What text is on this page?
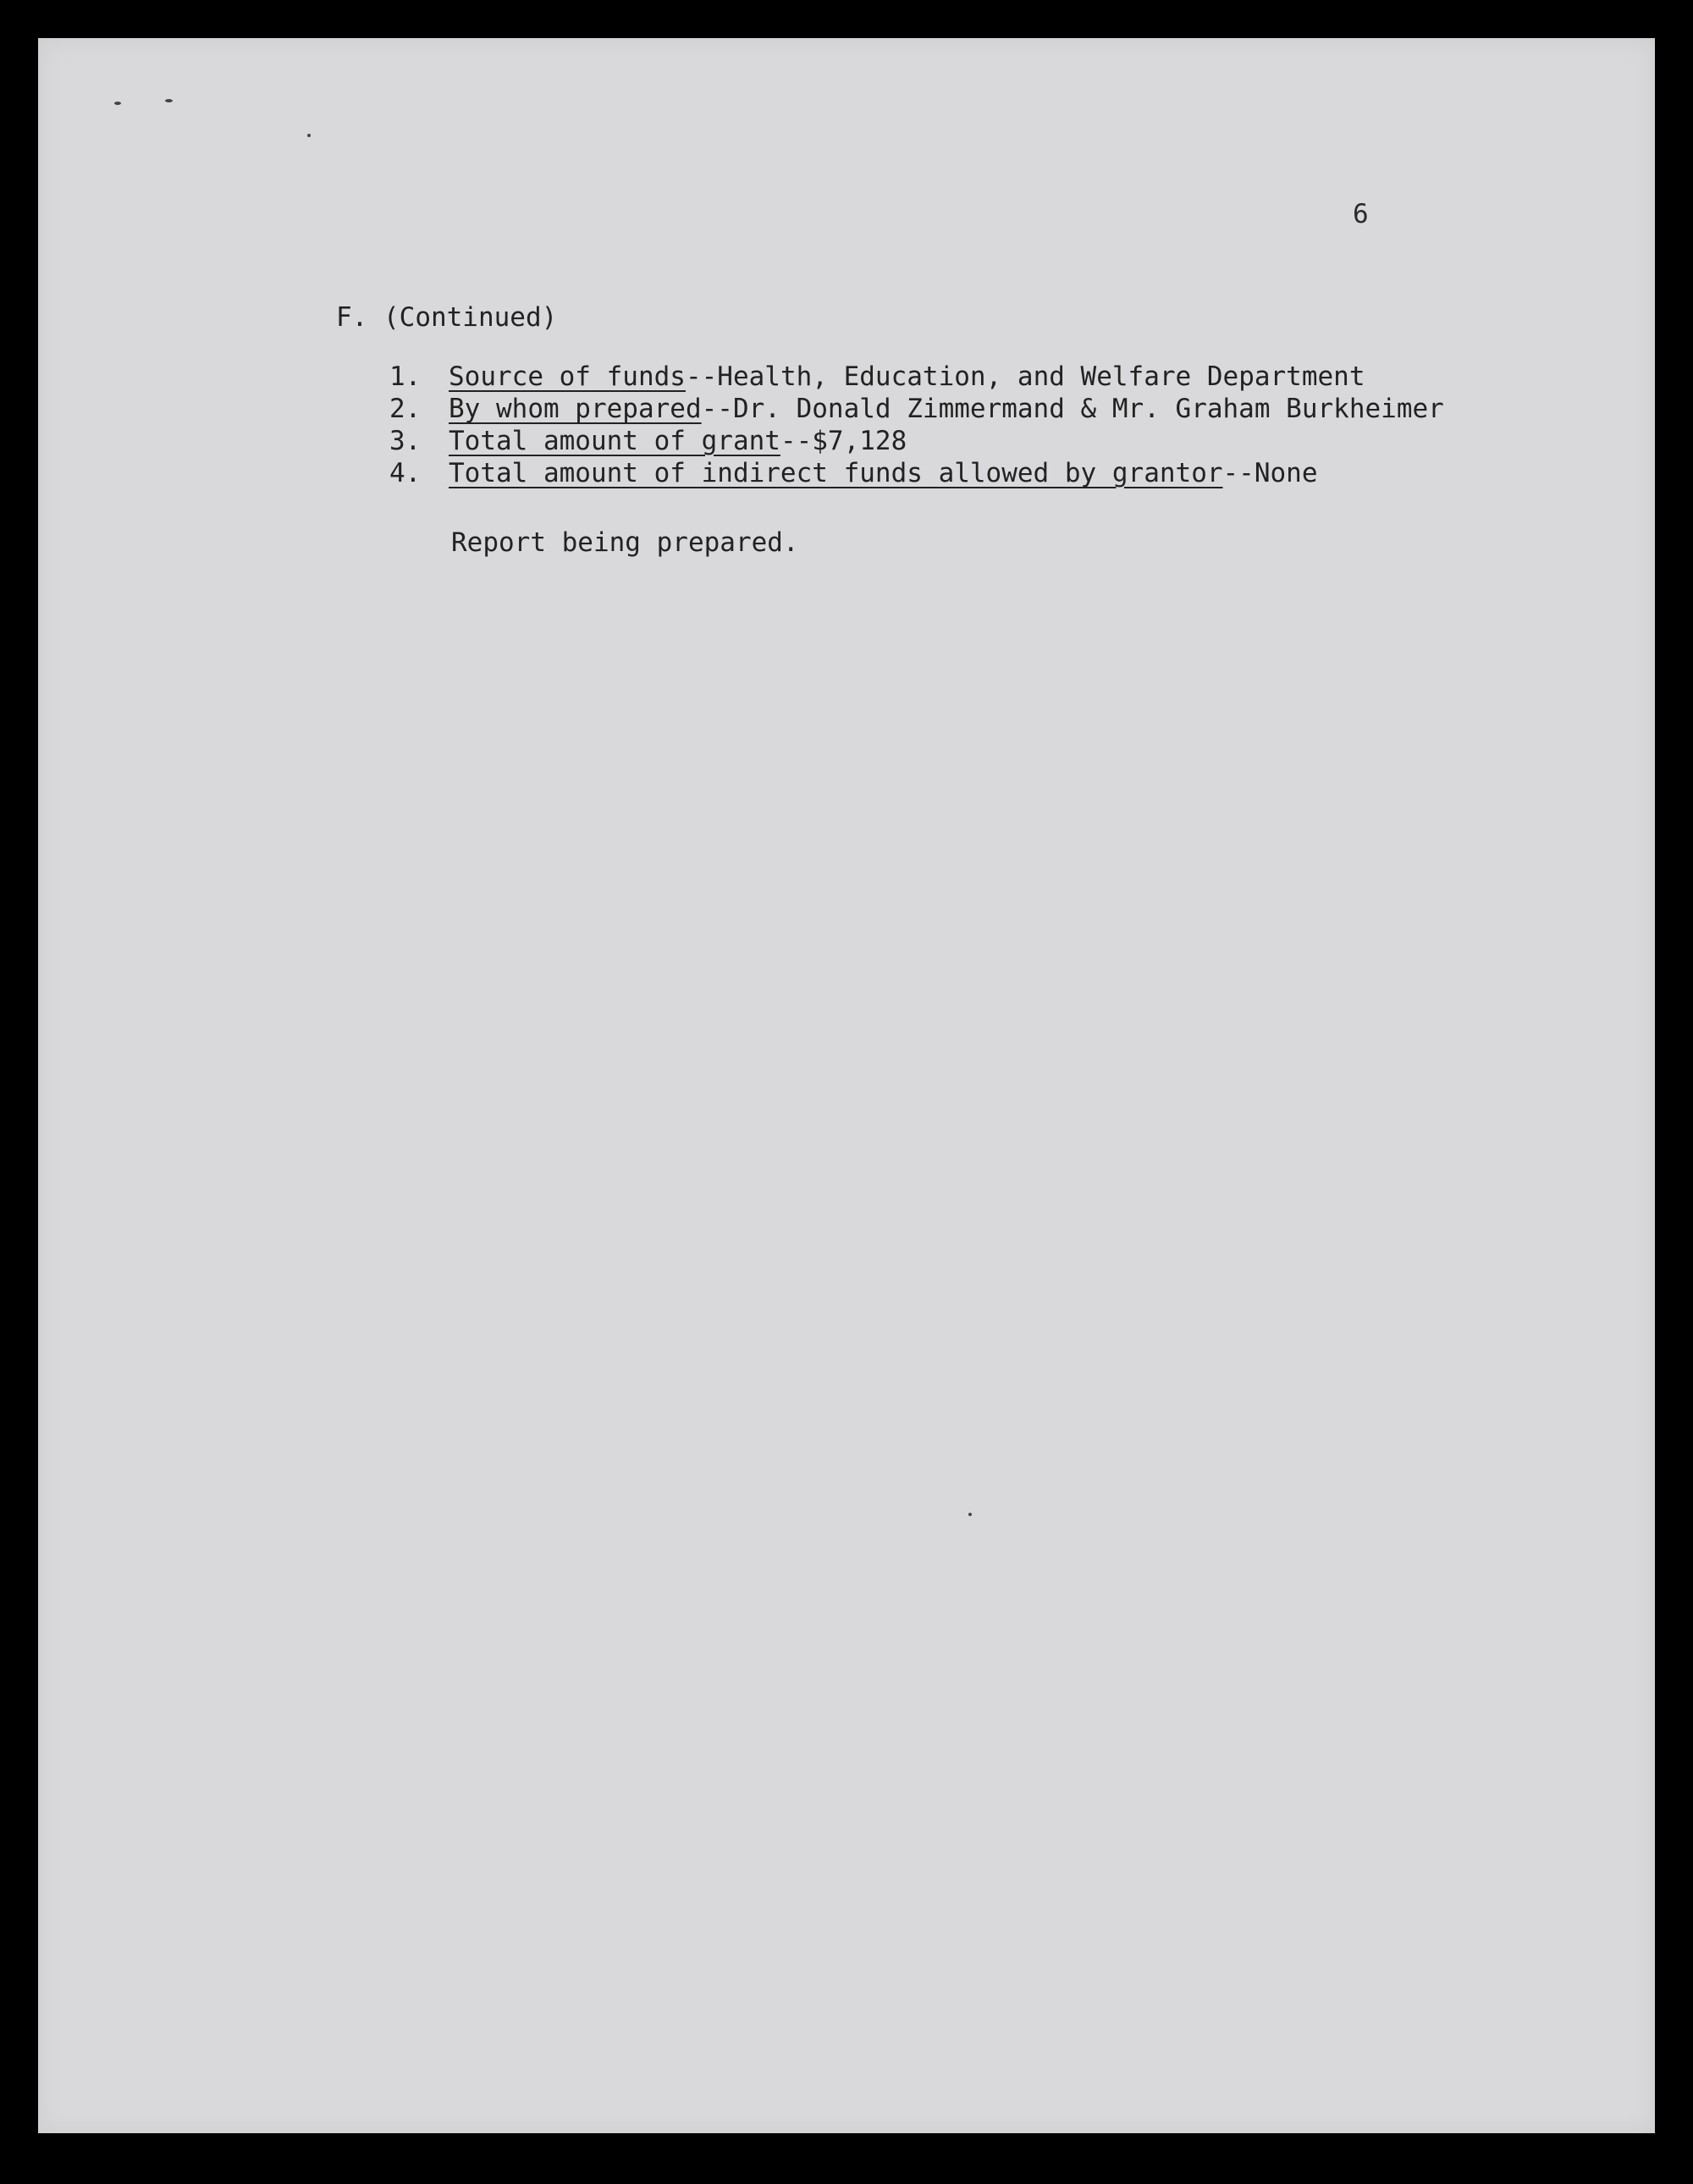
6
F. (Continued)
1. Source of funds--Health, Education, and Welfare Department
2. By whom prepared--Dr. Donald Zimmermand & Mr. Graham Burkheimer
3. Total amount of grant--$7,128
4. Total amount of indirect funds allowed by grantor--None
Report being prepared.
